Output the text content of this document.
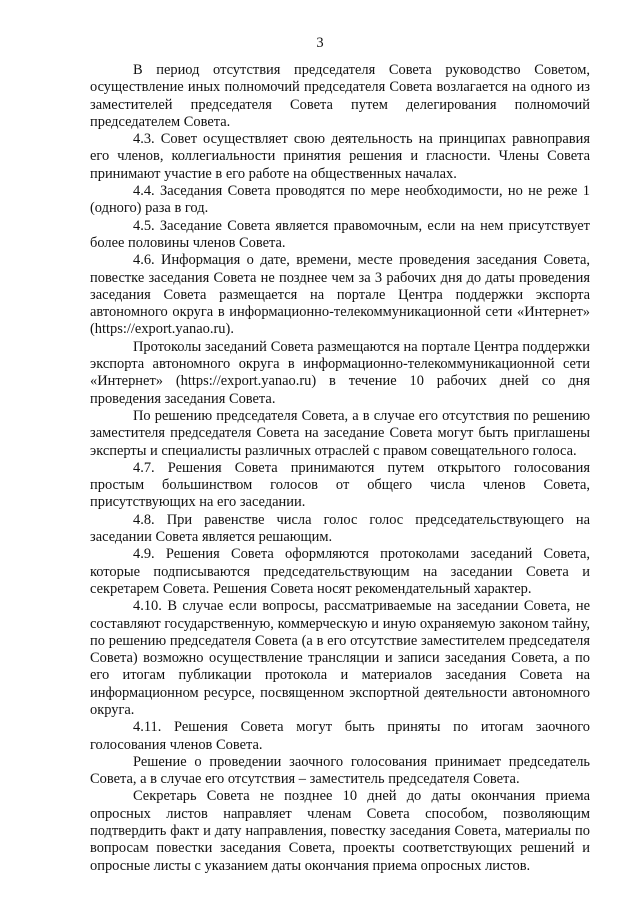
3

В период отсутствия председателя Совета руководство Советом, осуществление иных полномочий председателя Совета возлагается на одного из заместителей председателя Совета путем делегирования полномочий председателем Совета.

4.3. Совет осуществляет свою деятельность на принципах равноправия его членов, коллегиальности принятия решения и гласности. Члены Совета принимают участие в его работе на общественных началах.

4.4. Заседания Совета проводятся по мере необходимости, но не реже 1 (одного) раза в год.

4.5. Заседание Совета является правомочным, если на нем присутствует более половины членов Совета.

4.6. Информация о дате, времени, месте проведения заседания Совета, повестке заседания Совета не позднее чем за 3 рабочих дня до даты проведения заседания Совета размещается на портале Центра поддержки экспорта автономного округа в информационно-телекоммуникационной сети «Интернет» (https://export.yanao.ru).

Протоколы заседаний Совета размещаются на портале Центра поддержки экспорта автономного округа в информационно-телекоммуникационной сети «Интернет» (https://export.yanao.ru) в течение 10 рабочих дней со дня проведения заседания Совета.

По решению председателя Совета, а в случае его отсутствия по решению заместителя председателя Совета на заседание Совета могут быть приглашены эксперты и специалисты различных отраслей с правом совещательного голоса.

4.7. Решения Совета принимаются путем открытого голосования простым большинством голосов от общего числа членов Совета, присутствующих на его заседании.

4.8. При равенстве числа голос голос председательствующего на заседании Совета является решающим.

4.9. Решения Совета оформляются протоколами заседаний Совета, которые подписываются председательствующим на заседании Совета и секретарем Совета. Решения Совета носят рекомендательный характер.

4.10. В случае если вопросы, рассматриваемые на заседании Совета, не составляют государственную, коммерческую и иную охраняемую законом тайну, по решению председателя Совета (а в его отсутствие заместителем председателя Совета) возможно осуществление трансляции и записи заседания Совета, а по его итогам публикации протокола и материалов заседания Совета на информационном ресурсе, посвященном экспортной деятельности автономного округа.

4.11. Решения Совета могут быть приняты по итогам заочного голосования членов Совета.

Решение о проведении заочного голосования принимает председатель Совета, а в случае его отсутствия – заместитель председателя Совета.

Секретарь Совета не позднее 10 дней до даты окончания приема опросных листов направляет членам Совета способом, позволяющим подтвердить факт и дату направления, повестку заседания Совета, материалы по вопросам повестки заседания Совета, проекты соответствующих решений и опросные листы с указанием даты окончания приема опросных листов.
